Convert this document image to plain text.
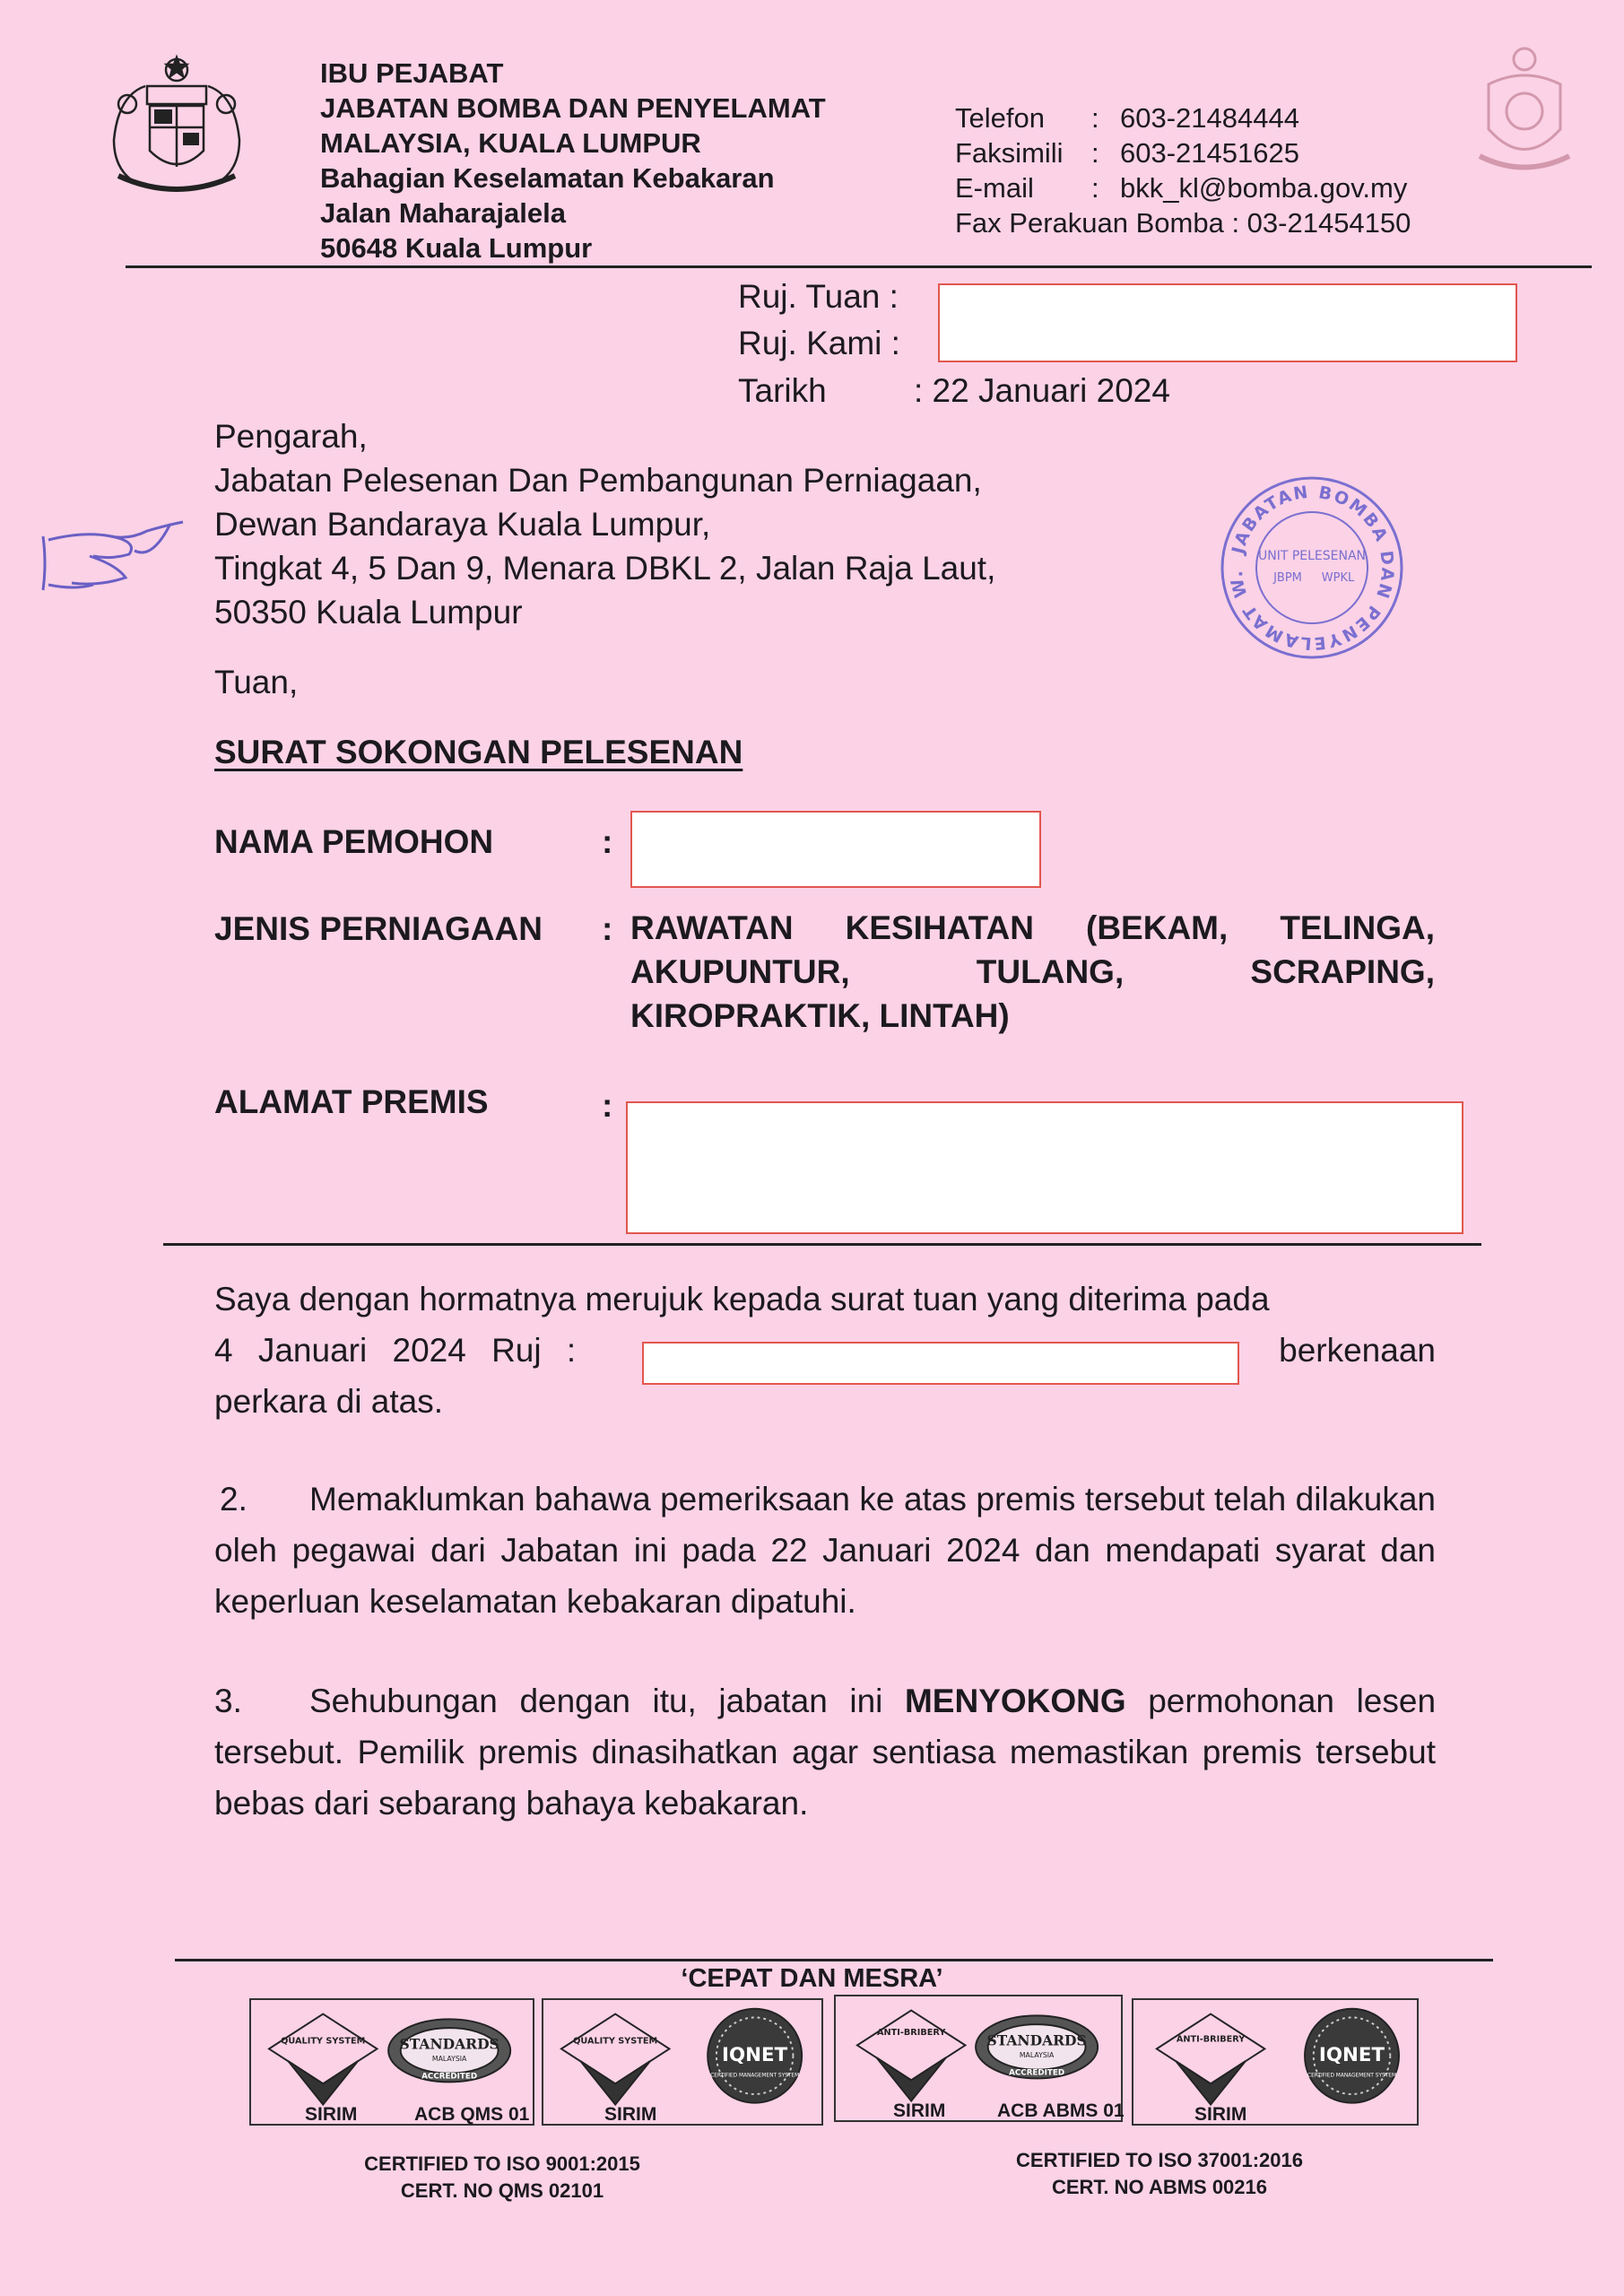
IBU PEJABAT
JABATAN BOMBA DAN PENYELAMAT
MALAYSIA, KUALA LUMPUR
Bahagian Keselamatan Kebakaran
Jalan Maharajalela
50648 Kuala Lumpur
Telefon : 603-21484444
Faksimili : 603-21451625
E-mail : bkk_kl@bomba.gov.my
Fax Perakuan Bomba : 03-21454150
Ruj. Tuan :
Ruj. Kami :
Tarikh	: 22 Januari 2024
Pengarah,
Jabatan Pelesenan Dan Pembangunan Perniagaan,
Dewan Bandaraya Kuala Lumpur,
Tingkat 4, 5 Dan 9, Menara DBKL 2, Jalan Raja Laut,
50350 Kuala Lumpur
JABATAN BOMBA DAN PENYELAMAT W.
UNIT PELESENAN
JBPM WPKL
Tuan,
SURAT SOKONGAN PELESENAN
NAMA PEMOHON	:
JENIS PERNIAGAAN : RAWATAN KESIHATAN (BEKAM, TELINGA,
AKUPUNTUR, TULANG, SCRAPING,
KIROPRAKTIK, LINTAH)
ALAMAT PREMIS	:
Saya dengan hormatnya merujuk kepada surat tuan yang diterima pada
4 Januari 2024 Ruj :	berkenaan
perkara di atas.
2. Memaklumkan bahawa pemeriksaan ke atas premis tersebut telah dilakukan oleh pegawai dari Jabatan ini pada 22 Januari 2024 dan mendapati syarat dan keperluan keselamatan kebakaran dipatuhi.
3. Sehubungan dengan itu, jabatan ini MENYOKONG permohonan lesen tersebut. Pemilik premis dinasihatkan agar sentiasa memastikan premis tersebut bebas dari sebarang bahaya kebakaran.
‘CEPAT DAN MESRA’
QUALITY SYSTEM STANDARDS
MALAYSIA
ACCREDITED
SIRIM	ACB QMS 01
QUALITY SYSTEM
IQNET
CERTIFIED MANAGEMENT SYSTEM
SIRIM
ANTI-BRIBERY	STANDARDS
MALAYSIA
ACCREDITED
SIRIM	ACB ABMS 01
ANTI-BRIBERY
IQNET
CERTIFIED MANAGEMENT SYSTEM
SIRIM
CERTIFIED TO ISO 9001:2015
CERT. NO QMS 02101
CERTIFIED TO ISO 37001:2016
CERT. NO ABMS 00216
